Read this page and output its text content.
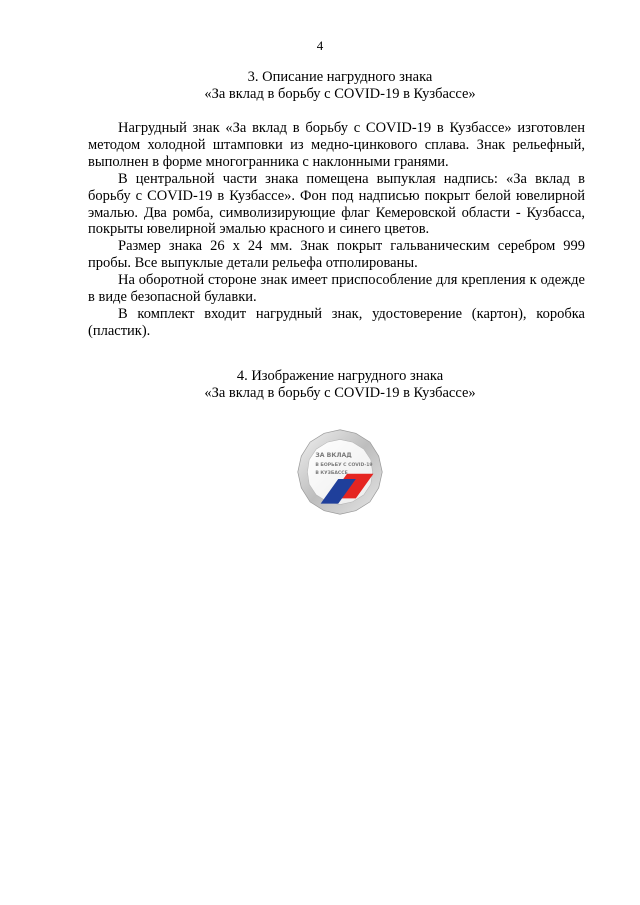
4
3. Описание нагрудного знака
«За вклад в борьбу с COVID-19 в Кузбассе»

Нагрудный знак «За вклад в борьбу с COVID-19 в Кузбассе» изготовлен методом холодной штамповки из медно-цинкового сплава. Знак рельефный, выполнен в форме многогранника с наклонными гранями.

В центральной части знака помещена выпуклая надпись: «За вклад в борьбу с COVID-19 в Кузбассе». Фон под надписью покрыт белой ювелирной эмалью. Два ромба, символизирующие флаг Кемеровской области - Кузбасса, покрыты ювелирной эмалью красного и синего цветов.

Размер знака 26 х 24 мм. Знак покрыт гальваническим серебром 999 пробы. Все выпуклые детали рельефа отполированы.

На оборотной стороне знак имеет приспособление для крепления к одежде в виде безопасной булавки.

В комплект входит нагрудный знак, удостоверение (картон), коробка (пластик).

4. Изображение нагрудного знака
«За вклад в борьбу с COVID-19 в Кузбассе»
ЗА ВКЛАД
В БОРЬБУ С COVID-19
В КУЗБАССЕ
